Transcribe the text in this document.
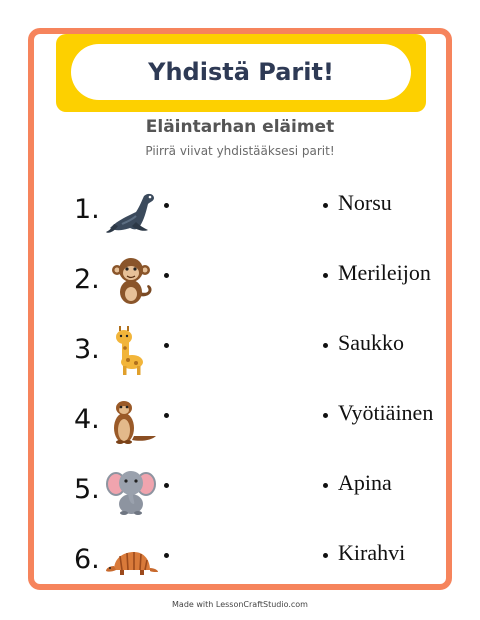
Yhdistä Parit!
Eläintarhan eläimet
Piirrä viivat yhdistääksesi parit!
1.	Norsu
2.	Merileijon
3.	Saukko
4.	Vyötiäinen
5.	Apina
6.	Kirahvi
Made with LessonCraftStudio.com
